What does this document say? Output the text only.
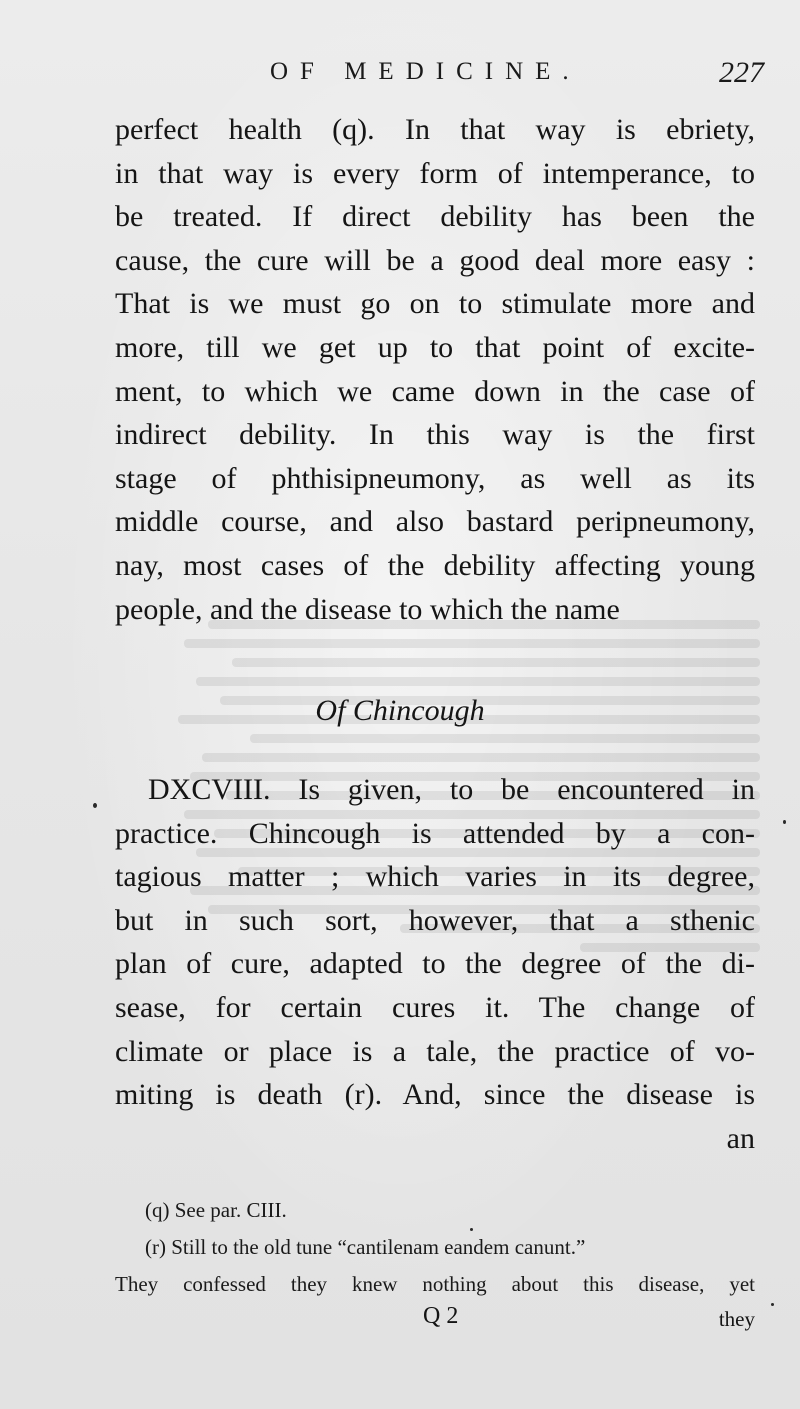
OF MEDICINE.	227
perfect health (q). In that way is ebriety,
in that way is every form of intemperance, to
be treated. If direct debility has been the
cause, the cure will be a good deal more easy :
That is we must go on to stimulate more and
more, till we get up to that point of excite-
ment, to which we came down in the case of
indirect debility. In this way is the first
stage of phthisipneumony, as well as its
middle course, and also bastard peripneumony,
nay, most cases of the debility affecting young
people, and the disease to which the name
Of Chincough
DXCVIII. Is given, to be encountered in
practice. Chincough is attended by a con-
tagious matter ; which varies in its degree,
but in such sort, however, that a sthenic
plan of cure, adapted to the degree of the di-
sease, for certain cures it. The change of
climate or place is a tale, the practice of vo-
miting is death (r). And, since the disease is
an
(q) See par. CIII.
(r) Still to the old tune “cantilenam eandem canunt.”
They confessed they knew nothing about this disease, yet
Q 2	they
